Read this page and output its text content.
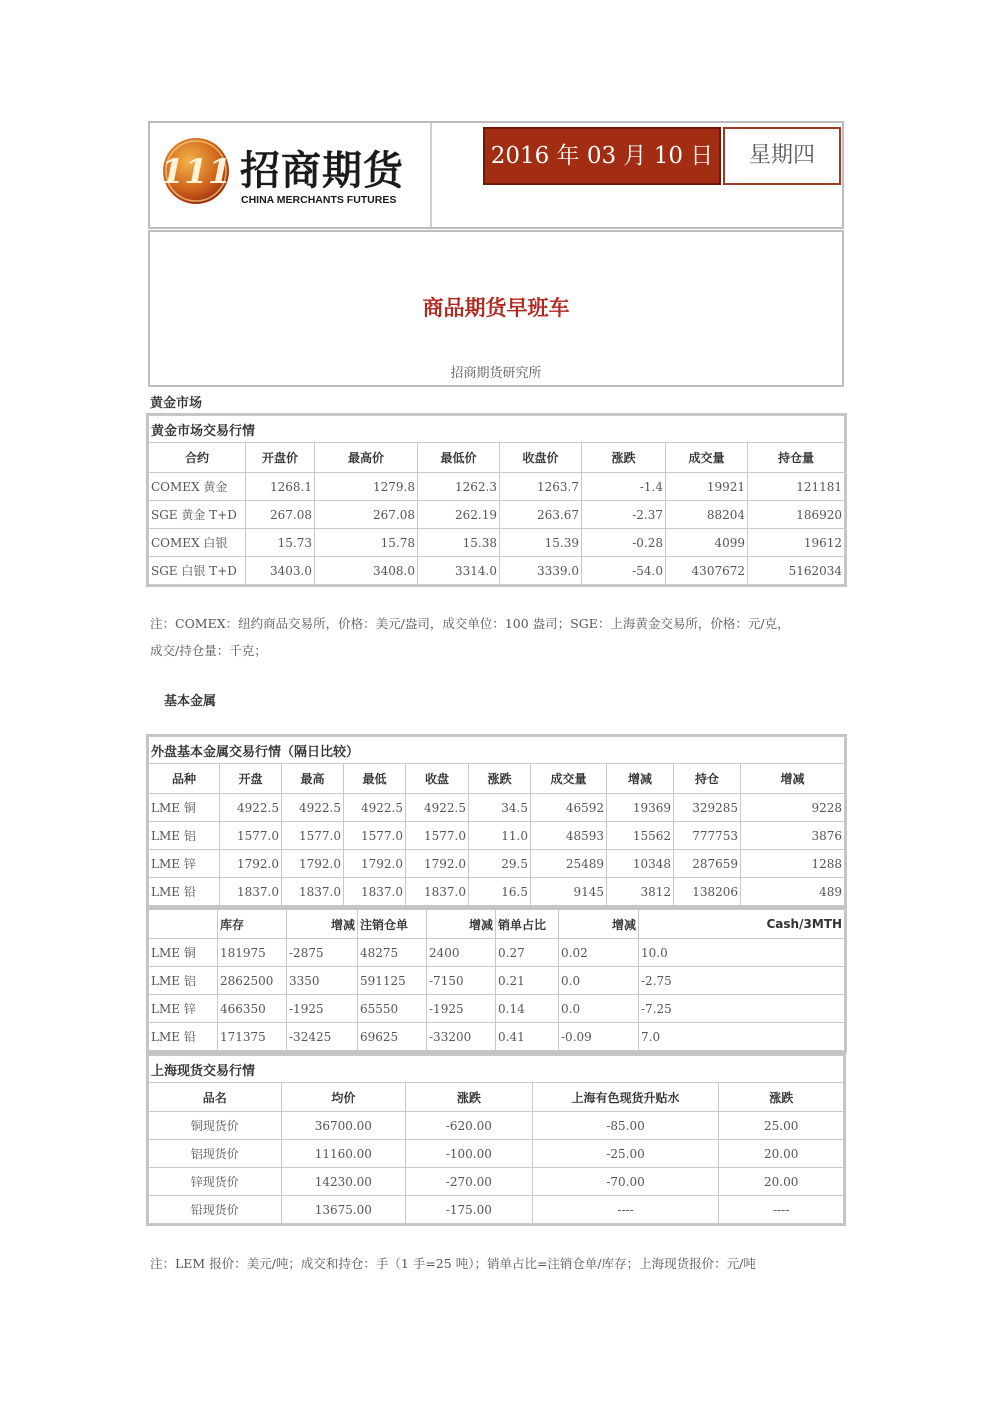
111 招商期货
CHINA MERCHANTS FUTURES
2016 年 03 月 10 日	星期四
商品期货早班车
招商期货研究所
黄金市场
黄金市场交易行情							
合约	开盘价	最高价	最低价	收盘价	涨跌	成交量	持仓量
COMEX 黄金	1268.1	1279.8	1262.3	1263.7	-1.4	19921	121181
SGE 黄金 T+D	267.08	267.08	262.19	263.67	-2.37	88204	186920
COMEX 白银	15.73	15.78	15.38	15.39	-0.28	4099	19612
SGE 白银 T+D	3403.0	3408.0	3314.0	3339.0	-54.0	4307672	5162034
注：COMEX：纽约商品交易所，价格：美元/盎司，成交单位：100 盎司；SGE：上海黄金交易所，价格：元/克，
成交/持仓量：千克；
基本金属
外盘基本金属交易行情（隔日比较）									
品种	开盘	最高	最低	收盘	涨跌	成交量	增减	持仓	增减
LME 铜	4922.5	4922.5	4922.5	4922.5	34.5	46592	19369	329285	9228
LME 铝	1577.0	1577.0	1577.0	1577.0	11.0	48593	15562	777753	3876
LME 锌	1792.0	1792.0	1792.0	1792.0	29.5	25489	10348	287659	1288
LME 铅	1837.0	1837.0	1837.0	1837.0	16.5	9145	3812	138206	489
	库存	增减	注销仓单	增减	销单占比	增减	Cash/3MTH
LME 铜	181975	-2875	48275	2400	0.27	0.02	10.0
LME 铝	2862500	3350	591125	-7150	0.21	0.0	-2.75
LME 锌	466350	-1925	65550	-1925	0.14	0.0	-7.25
LME 铅	171375	-32425	69625	-33200	0.41	-0.09	7.0
上海现货交易行情				
品名	均价	涨跌	上海有色现货升贴水	涨跌
铜现货价	36700.00	-620.00	-85.00	25.00
铝现货价	11160.00	-100.00	-25.00	20.00
锌现货价	14230.00	-270.00	-70.00	20.00
铅现货价	13675.00	-175.00	----	----
注：LEM 报价：美元/吨；成交和持仓：手（1 手=25 吨）；销单占比=注销仓单/库存；上海现货报价：元/吨
